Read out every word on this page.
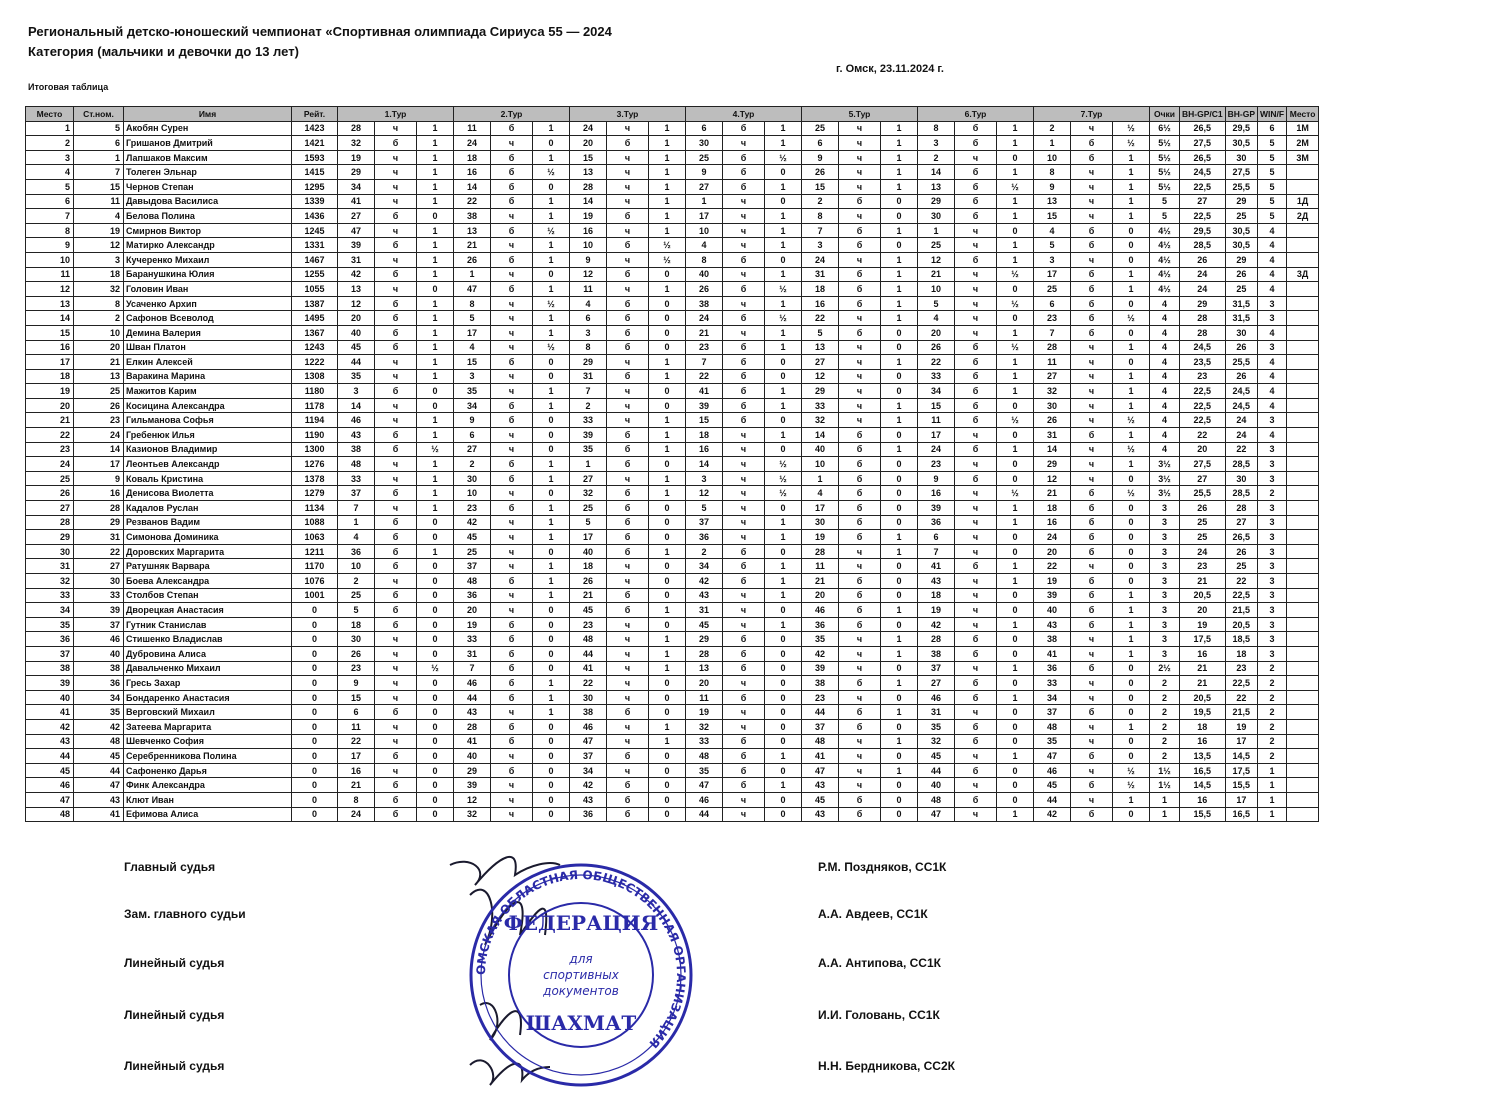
Региональный детско-юношеский чемпионат «Спортивная олимпиада Сириуса 55 — 2024
Категория (мальчики и девочки до 13 лет)
г. Омск, 23.11.2024 г.
Итоговая таблица
Место	Ст.ном.	Имя	Рейт.	1.Тур			2.Тур			3.Тур			4.Тур			5.Тур			6.Тур			7.Тур			Очки	BH-GP/C1	BH-GP	WIN/F	Место
1	5	Акобян Сурен	1423	28	ч	1	11	б	1	24	ч	1	6	б	1	25	ч	1	8	б	1	2	ч	½	6½	26,5	29,5	6	1М
2	6	Гришанов Дмитрий	1421	32	б	1	24	ч	0	20	б	1	30	ч	1	6	ч	1	3	б	1	1	б	½	5½	27,5	30,5	5	2М
3	1	Лапшаков Максим	1593	19	ч	1	18	б	1	15	ч	1	25	б	½	9	ч	1	2	ч	0	10	б	1	5½	26,5	30	5	3М
4	7	Толеген Эльнар	1415	29	ч	1	16	б	½	13	ч	1	9	б	0	26	ч	1	14	б	1	8	ч	1	5½	24,5	27,5	5	
5	15	Чернов Степан	1295	34	ч	1	14	б	0	28	ч	1	27	б	1	15	ч	1	13	б	½	9	ч	1	5½	22,5	25,5	5	
6	11	Давыдова Василиса	1339	41	ч	1	22	б	1	14	ч	1	1	ч	0	2	б	0	29	б	1	13	ч	1	5	27	29	5	1Д
7	4	Белова Полина	1436	27	б	0	38	ч	1	19	б	1	17	ч	1	8	ч	0	30	б	1	15	ч	1	5	22,5	25	5	2Д
8	19	Смирнов Виктор	1245	47	ч	1	13	б	½	16	ч	1	10	ч	1	7	б	1	1	ч	0	4	б	0	4½	29,5	30,5	4	
9	12	Матирко Александр	1331	39	б	1	21	ч	1	10	б	½	4	ч	1	3	б	0	25	ч	1	5	б	0	4½	28,5	30,5	4	
10	3	Кучеренко Михаил	1467	31	ч	1	26	б	1	9	ч	½	8	б	0	24	ч	1	12	б	1	3	ч	0	4½	26	29	4	
11	18	Баранушкина Юлия	1255	42	б	1	1	ч	0	12	б	0	40	ч	1	31	б	1	21	ч	½	17	б	1	4½	24	26	4	3Д
12	32	Головин Иван	1055	13	ч	0	47	б	1	11	ч	1	26	б	½	18	б	1	10	ч	0	25	б	1	4½	24	25	4	
13	8	Усаченко Архип	1387	12	б	1	8	ч	½	4	б	0	38	ч	1	16	б	1	5	ч	½	6	б	0	4	29	31,5	3	
14	2	Сафонов Всеволод	1495	20	б	1	5	ч	1	6	б	0	24	б	½	22	ч	1	4	ч	0	23	б	½	4	28	31,5	3	
15	10	Демина Валерия	1367	40	б	1	17	ч	1	3	б	0	21	ч	1	5	б	0	20	ч	1	7	б	0	4	28	30	4	
16	20	Шван Платон	1243	45	б	1	4	ч	½	8	б	0	23	б	1	13	ч	0	26	б	½	28	ч	1	4	24,5	26	3	
17	21	Елкин Алексей	1222	44	ч	1	15	б	0	29	ч	1	7	б	0	27	ч	1	22	б	1	11	ч	0	4	23,5	25,5	4	
18	13	Варакина Марина	1308	35	ч	1	3	ч	0	31	б	1	22	б	0	12	ч	0	33	б	1	27	ч	1	4	23	26	4	
19	25	Мажитов Карим	1180	3	б	0	35	ч	1	7	ч	0	41	б	1	29	ч	0	34	б	1	32	ч	1	4	22,5	24,5	4	
20	26	Косицина Александра	1178	14	ч	0	34	б	1	2	ч	0	39	б	1	33	ч	1	15	б	0	30	ч	1	4	22,5	24,5	4	
21	23	Гильманова Софья	1194	46	ч	1	9	б	0	33	ч	1	15	б	0	32	ч	1	11	б	½	26	ч	½	4	22,5	24	3	
22	24	Гребенюк Илья	1190	43	б	1	6	ч	0	39	б	1	18	ч	1	14	б	0	17	ч	0	31	б	1	4	22	24	4	
23	14	Казионов Владимир	1300	38	б	½	27	ч	0	35	б	1	16	ч	0	40	б	1	24	б	1	14	ч	½	4	20	22	3	
24	17	Леонтьев Александр	1276	48	ч	1	2	б	1	1	б	0	14	ч	½	10	б	0	23	ч	0	29	ч	1	3½	27,5	28,5	3	
25	9	Коваль Кристина	1378	33	ч	1	30	б	1	27	ч	1	3	ч	½	1	б	0	9	б	0	12	ч	0	3½	27	30	3	
26	16	Денисова Виолетта	1279	37	б	1	10	ч	0	32	б	1	12	ч	½	4	б	0	16	ч	½	21	б	½	3½	25,5	28,5	2	
27	28	Кадалов Руслан	1134	7	ч	1	23	б	1	25	б	0	5	ч	0	17	б	0	39	ч	1	18	б	0	3	26	28	3	
28	29	Резванов Вадим	1088	1	б	0	42	ч	1	5	б	0	37	ч	1	30	б	0	36	ч	1	16	б	0	3	25	27	3	
29	31	Симонова Доминика	1063	4	б	0	45	ч	1	17	б	0	36	ч	1	19	б	1	6	ч	0	24	б	0	3	25	26,5	3	
30	22	Доровских Маргарита	1211	36	б	1	25	ч	0	40	б	1	2	б	0	28	ч	1	7	ч	0	20	б	0	3	24	26	3	
31	27	Ратушняк Варвара	1170	10	б	0	37	ч	1	18	ч	0	34	б	1	11	ч	0	41	б	1	22	ч	0	3	23	25	3	
32	30	Боева Александра	1076	2	ч	0	48	б	1	26	ч	0	42	б	1	21	б	0	43	ч	1	19	б	0	3	21	22	3	
33	33	Столбов Степан	1001	25	б	0	36	ч	1	21	б	0	43	ч	1	20	б	0	18	ч	0	39	б	1	3	20,5	22,5	3	
34	39	Дворецкая Анастасия	0	5	б	0	20	ч	0	45	б	1	31	ч	0	46	б	1	19	ч	0	40	б	1	3	20	21,5	3	
35	37	Гутник Станислав	0	18	б	0	19	б	0	23	ч	0	45	ч	1	36	б	0	42	ч	1	43	б	1	3	19	20,5	3	
36	46	Стишенко Владислав	0	30	ч	0	33	б	0	48	ч	1	29	б	0	35	ч	1	28	б	0	38	ч	1	3	17,5	18,5	3	
37	40	Дубровина Алиса	0	26	ч	0	31	б	0	44	ч	1	28	б	0	42	ч	1	38	б	0	41	ч	1	3	16	18	3	
38	38	Давальченко Михаил	0	23	ч	½	7	б	0	41	ч	1	13	б	0	39	ч	0	37	ч	1	36	б	0	2½	21	23	2	
39	36	Гресь Захар	0	9	ч	0	46	б	1	22	ч	0	20	ч	0	38	б	1	27	б	0	33	ч	0	2	21	22,5	2	
40	34	Бондаренко Анастасия	0	15	ч	0	44	б	1	30	ч	0	11	б	0	23	ч	0	46	б	1	34	ч	0	2	20,5	22	2	
41	35	Верговский Михаил	0	6	б	0	43	ч	1	38	б	0	19	ч	0	44	б	1	31	ч	0	37	б	0	2	19,5	21,5	2	
42	42	Затеева Маргарита	0	11	ч	0	28	б	0	46	ч	1	32	ч	0	37	б	0	35	б	0	48	ч	1	2	18	19	2	
43	48	Шевченко София	0	22	ч	0	41	б	0	47	ч	1	33	б	0	48	ч	1	32	б	0	35	ч	0	2	16	17	2	
44	45	Серебренникова Полина	0	17	б	0	40	ч	0	37	б	0	48	б	1	41	ч	0	45	ч	1	47	б	0	2	13,5	14,5	2	
45	44	Сафоненко Дарья	0	16	ч	0	29	б	0	34	ч	0	35	б	0	47	ч	1	44	б	0	46	ч	½	1½	16,5	17,5	1	
46	47	Финк Александра	0	21	б	0	39	ч	0	42	б	0	47	б	1	43	ч	0	40	ч	0	45	б	½	1½	14,5	15,5	1	
47	43	Клют Иван	0	8	б	0	12	ч	0	43	б	0	46	ч	0	45	б	0	48	б	0	44	ч	1	1	16	17	1	
48	41	Ефимова Алиса	0	24	б	0	32	ч	0	36	б	0	44	ч	0	43	б	0	47	ч	1	42	б	0	1	15,5	16,5	1	
Главный судья	Р.М. Поздняков, СС1К
Зам. главного судьи	А.А. Авдеев, СС1К
Линейный судья	А.А. Антипова, СС1К
Линейный судья	И.И. Головань, СС1К
Линейный судья	Н.Н. Бердникова, СС2К
ОМСКАЯ ОБЛАСТНАЯ ОБЩЕСТВЕННАЯ ОРГАНИЗАЦИЯ
ФЕДЕРАЦИЯ
ШАХМАТ
для
спортивных
документов
